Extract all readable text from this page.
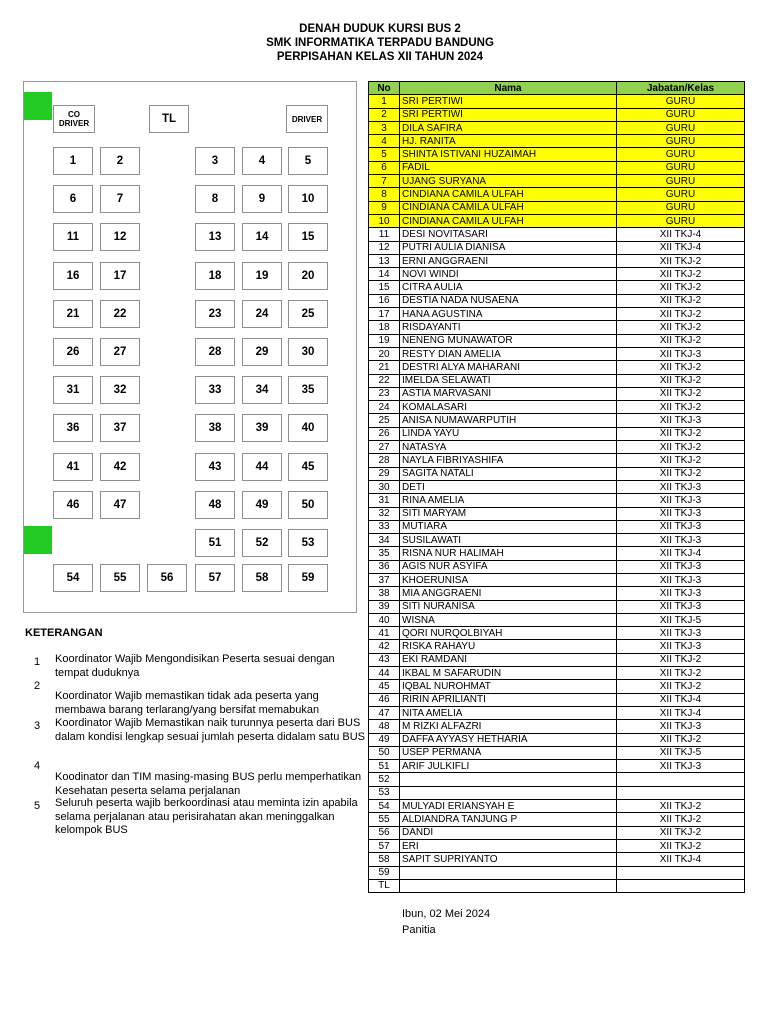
DENAH DUDUK KURSI BUS 2
SMK INFORMATIKA TERPADU BANDUNG
PERPISAHAN KELAS XII TAHUN 2024
CO
DRIVER	TL	DRIVER
1	2	3	4	5
6	7	8	9	10
11	12	13	14	15
16	17	18	19	20
21	22	23	24	25
26	27	28	29	30
31	32	33	34	35
36	37	38	39	40
41	42	43	44	45
46	47	48	49	50
51	52	53
54	55	56	57	58	59
KETERANGAN
1 Koordinator Wajib Mengondisikan Peserta sesuai dengan tempat duduknya
2
Koordinator Wajib memastikan tidak ada peserta yang membawa barang terlarang/yang bersifat memabukan
3 Koordinator Wajib Memastikan naik turunnya peserta dari BUS dalam kondisi lengkap sesuai jumlah peserta didalam satu BUS
4
Koodinator dan TIM masing-masing BUS perlu memperhatikan Kesehatan peserta selama perjalanan
5 Seluruh peserta wajib berkoordinasi atau meminta izin apabila selama perjalanan atau perisirahatan akan meninggalkan kelompok BUS
No	Nama	Jabatan/Kelas
1	SRI PERTIWI	GURU
2	SRI PERTIWI	GURU
3	DILA SAFIRA	GURU
4	HJ. RANITA	GURU
5	SHINTA ISTIVANI HUZAIMAH	GURU
6	FADIL	GURU
7	UJANG SURYANA	GURU
8	CINDIANA CAMILA ULFAH	GURU
9	CINDIANA CAMILA ULFAH	GURU
10	CINDIANA CAMILA ULFAH	GURU
11	DESI NOVITASARI	XII TKJ-4
12	PUTRI AULIA DIANISA	XII TKJ-4
13	ERNI ANGGRAENI	XII TKJ-2
14	NOVI WINDI	XII TKJ-2
15	CITRA AULIA	XII TKJ-2
16	DESTIA NADA NUSAENA	XII TKJ-2
17	HANA AGUSTINA	XII TKJ-2
18	RISDAYANTI	XII TKJ-2
19	NENENG MUNAWATOR	XII TKJ-2
20	RESTY DIAN AMELIA	XII TKJ-3
21	DESTRI ALYA MAHARANI	XII TKJ-2
22	IMELDA SELAWATI	XII TKJ-2
23	ASTIA MARVASANI	XII TKJ-2
24	KOMALASARI	XII TKJ-2
25	ANISA NUMAWARPUTIH	XII TKJ-3
26	LINDA YAYU	XII TKJ-2
27	NATASYA	XII TKJ-2
28	NAYLA FIBRIYASHIFA	XII TKJ-2
29	SAGITA NATALI	XII TKJ-2
30	DETI	XII TKJ-3
31	RINA AMELIA	XII TKJ-3
32	SITI MARYAM	XII TKJ-3
33	MUTIARA	XII TKJ-3
34	SUSILAWATI	XII TKJ-3
35	RISNA NUR HALIMAH	XII TKJ-4
36	AGIS NUR ASYIFA	XII TKJ-3
37	KHOERUNISA	XII TKJ-3
38	MIA ANGGRAENI	XII TKJ-3
39	SITI NURANISA	XII TKJ-3
40	WISNA	XII TKJ-5
41	QORI NURQOLBIYAH	XII TKJ-3
42	RISKA RAHAYU	XII TKJ-3
43	EKI RAMDANI	XII TKJ-2
44	IKBAL M SAFARUDIN	XII TKJ-2
45	IQBAL NUROHMAT	XII TKJ-2
46	RIRIN APRILIANTI	XII TKJ-4
47	NITA AMELIA	XII TKJ-4
48	M RIZKI ALFAZRI	XII TKJ-3
49	DAFFA AYYASY HETHARIA	XII TKJ-2
50	USEP PERMANA	XII TKJ-5
51	ARIF JULKIFLI	XII TKJ-3
52		
53		
54	MULYADI ERIANSYAH E	XII TKJ-2
55	ALDIANDRA TANJUNG P	XII TKJ-2
56	DANDI	XII TKJ-2
57	ERI	XII TKJ-2
58	SAPIT SUPRIYANTO	XII TKJ-4
59		
TL		
Ibun, 02 Mei 2024
Panitia
